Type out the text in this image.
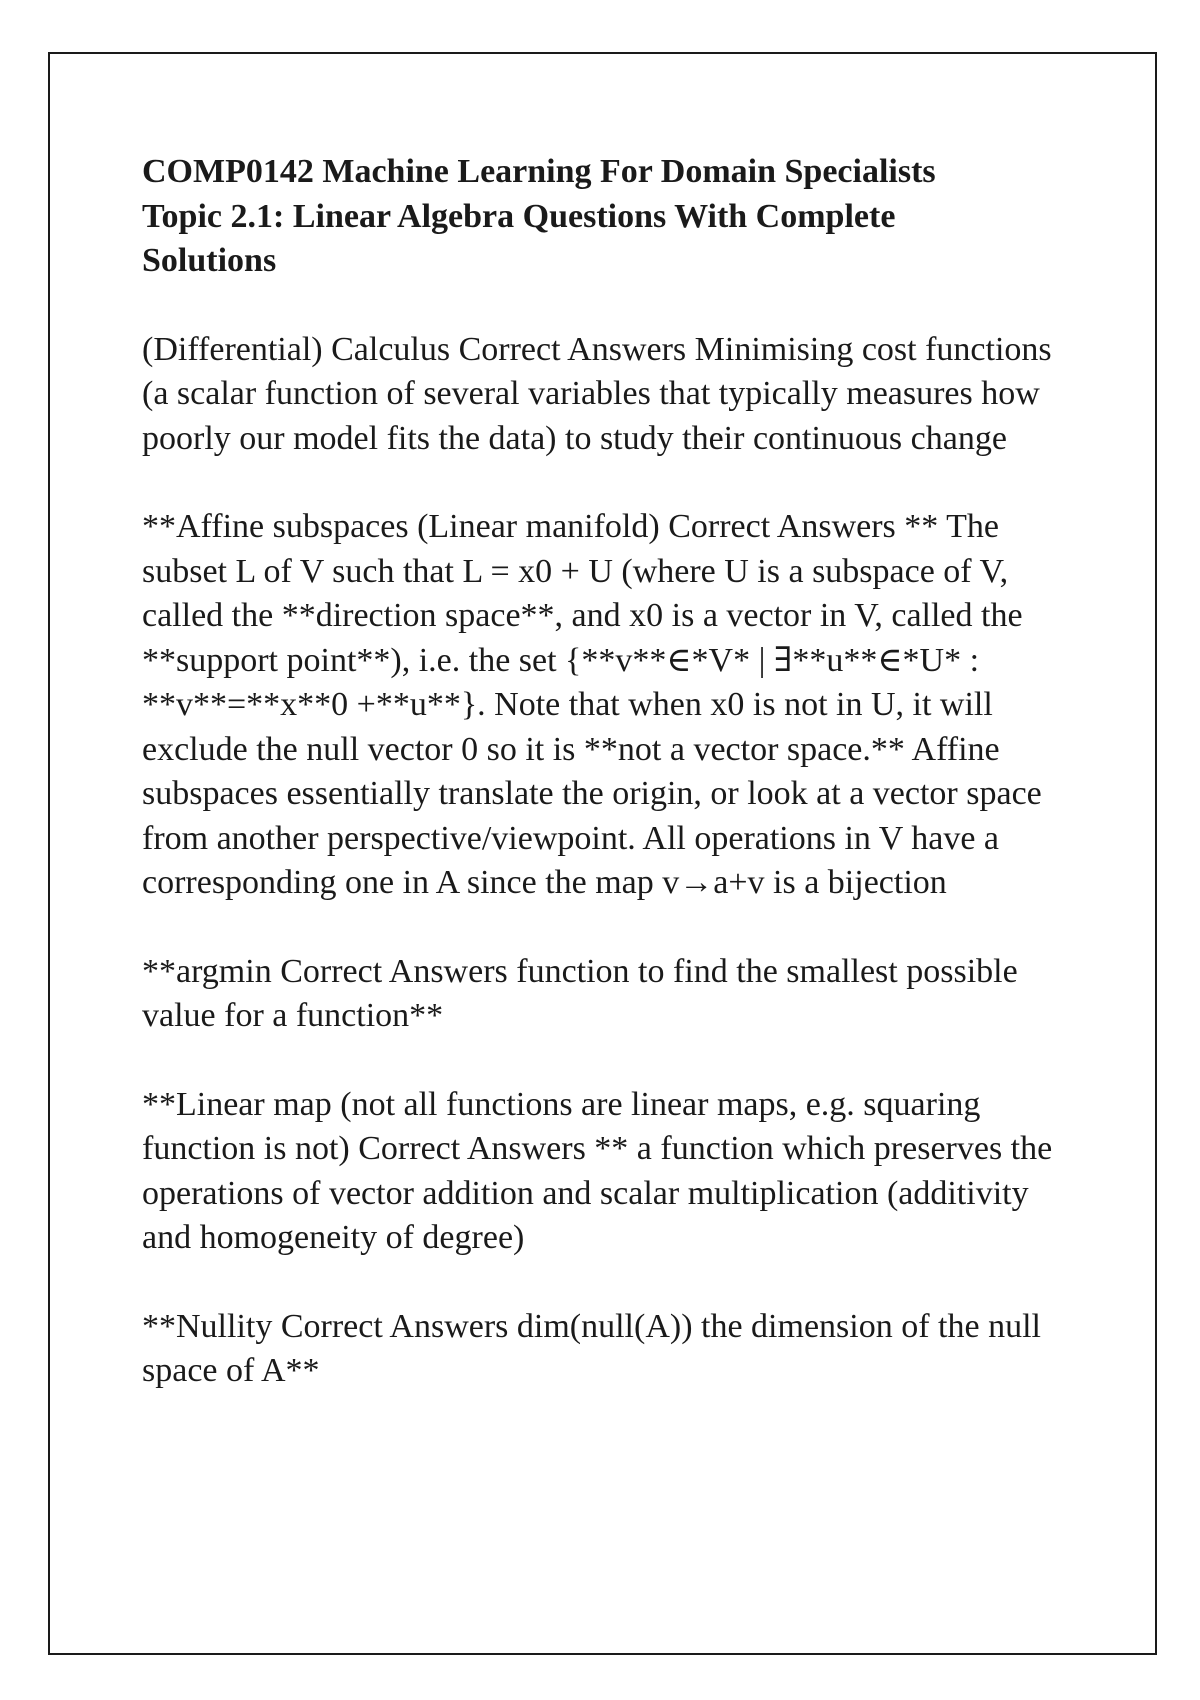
COMP0142 Machine Learning For Domain Specialists
Topic 2.1: Linear Algebra Questions With Complete
Solutions

(Differential) Calculus Correct Answers Minimising cost functions (a scalar function of several variables that typically measures how poorly our model fits the data) to study their continuous change

**Affine subspaces (Linear manifold) Correct Answers ** The subset L of V such that L = x0 + U (where U is a subspace of V, called the **direction space**, and x0 is a vector in V, called the **support point**), i.e. the set {**v**∈*V* | ∃**u**∈*U* : **v**=**x**0 +**u**}. Note that when x0 is not in U, it will exclude the null vector 0 so it is **not a vector space.** Affine subspaces essentially translate the origin, or look at a vector space from another perspective/viewpoint. All operations in V have a corresponding one in A since the map v→a+v is a bijection

**argmin Correct Answers function to find the smallest possible value for a function**

**Linear map (not all functions are linear maps, e.g. squaring function is not) Correct Answers ** a function which preserves the operations of vector addition and scalar multiplication (additivity and homogeneity of degree)

**Nullity Correct Answers dim(null(A)) the dimension of the null space of A**
